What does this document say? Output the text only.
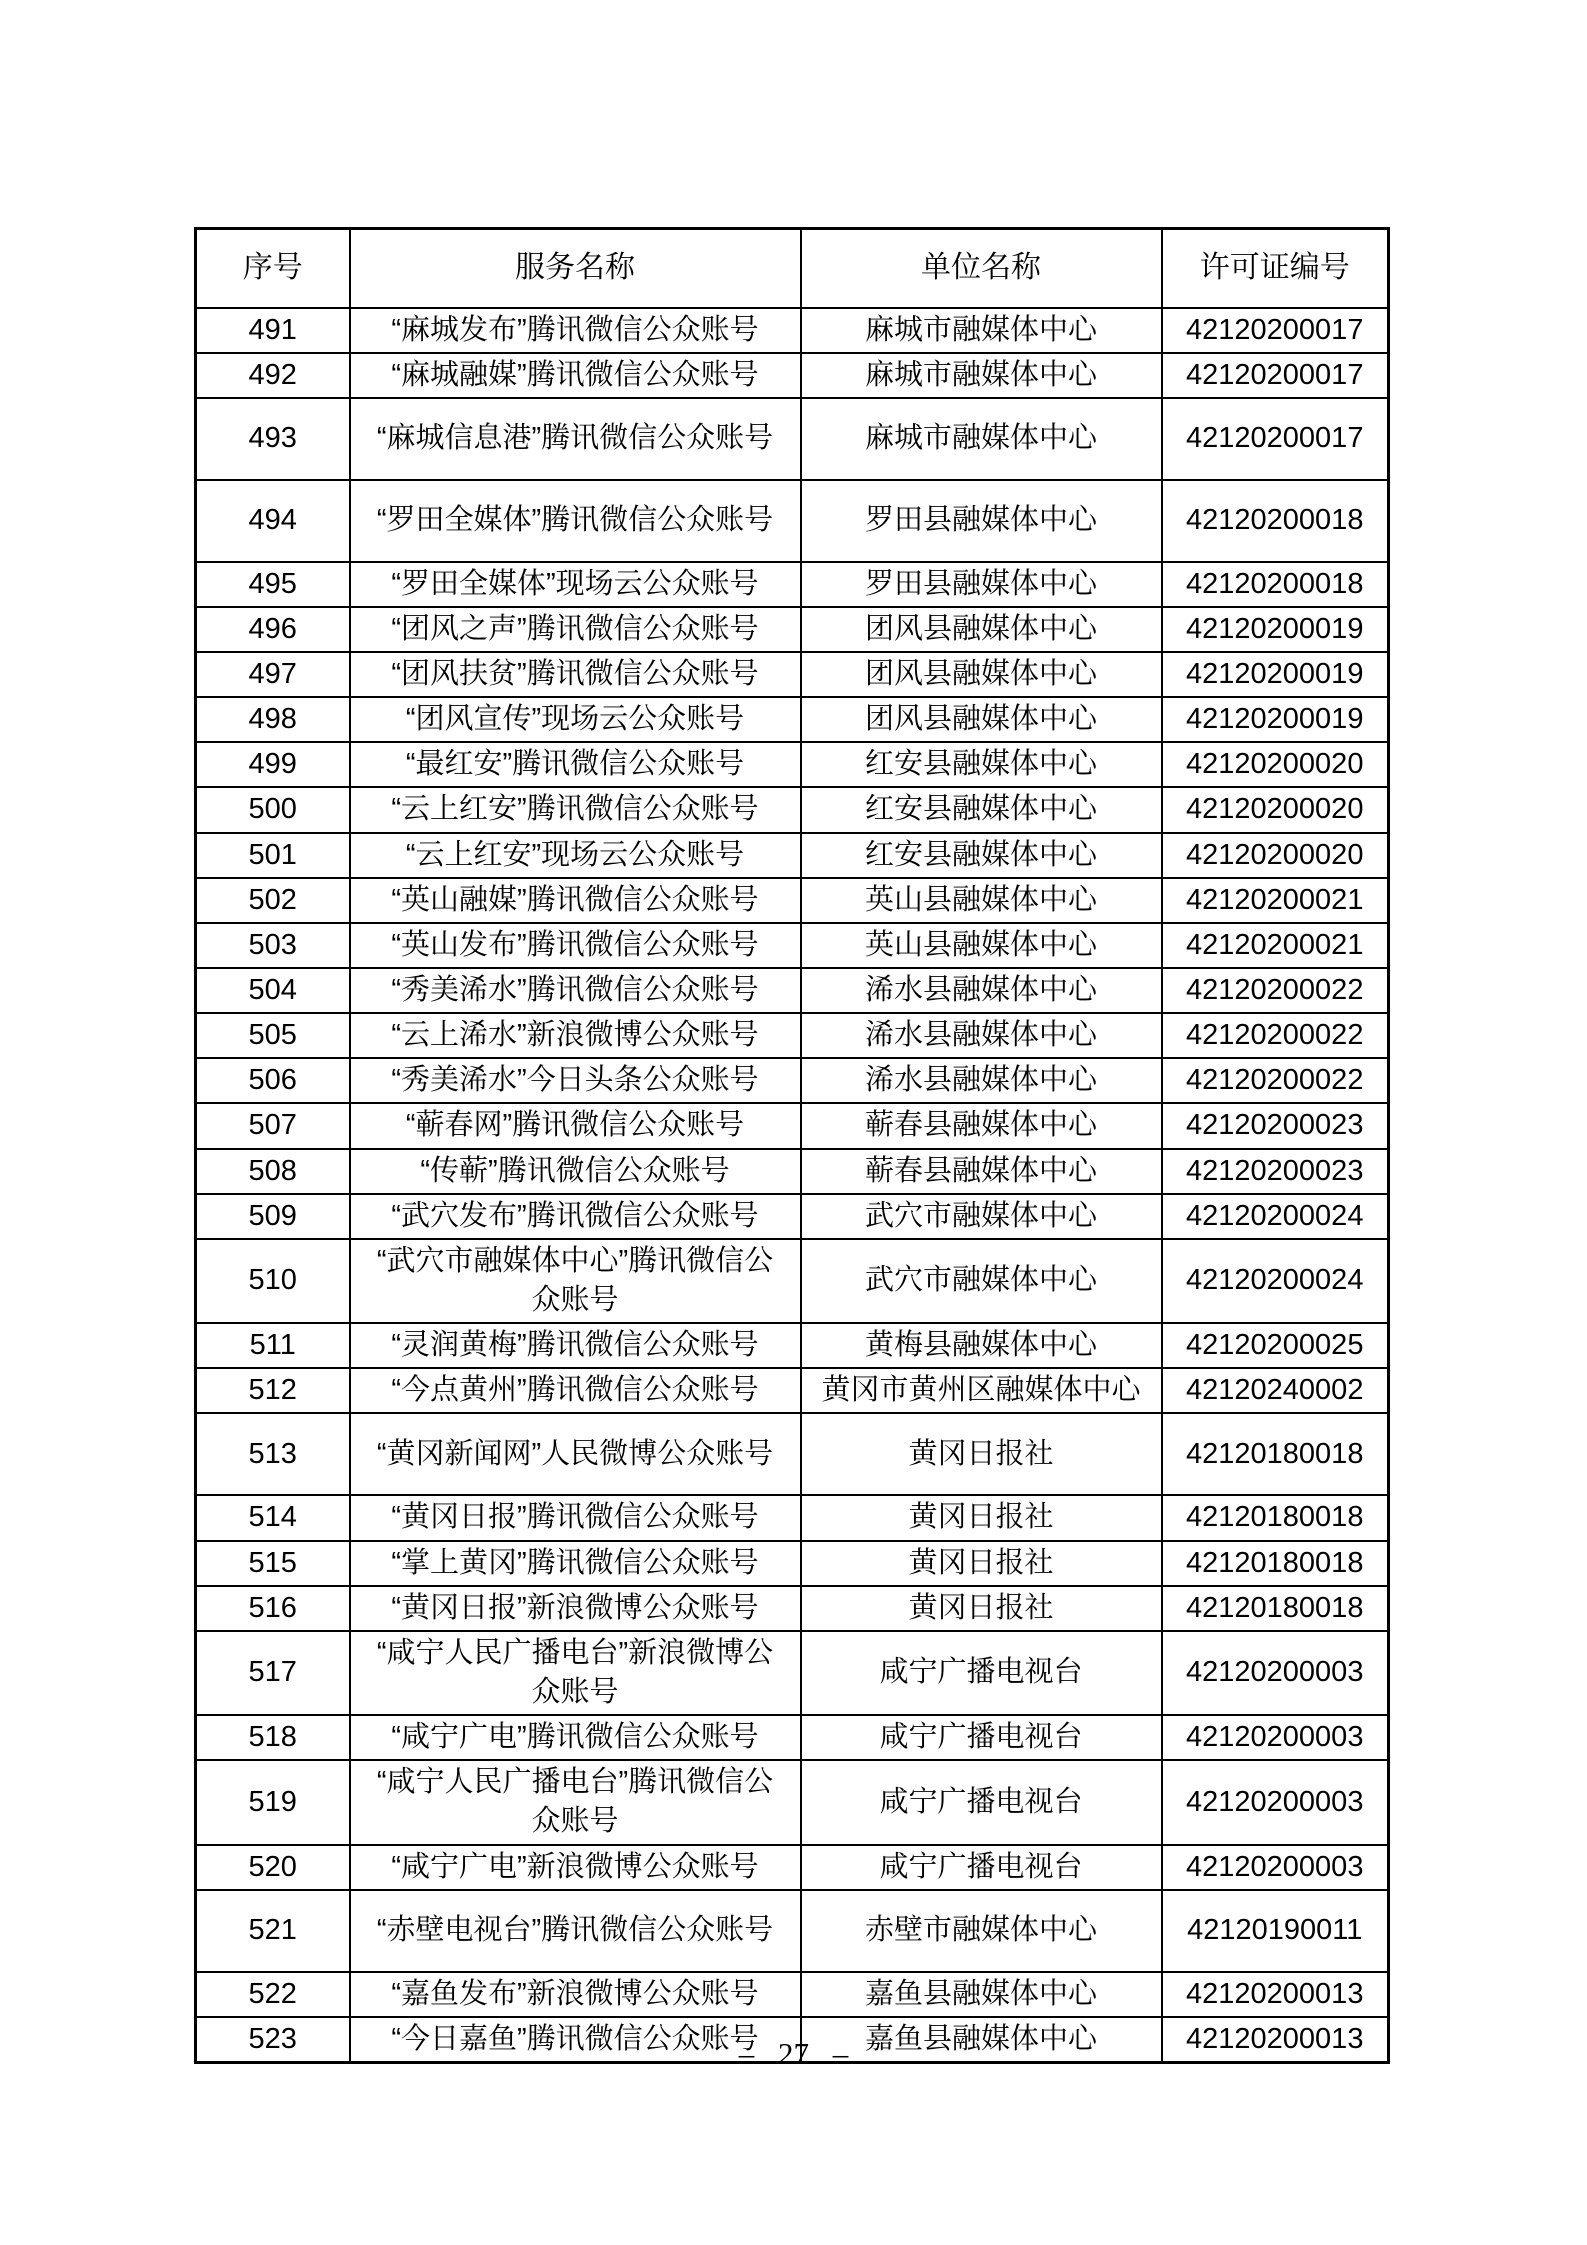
序号	服务名称	单位名称	许可证编号
491	“麻城发布”腾讯微信公众账号	麻城市融媒体中心	42120200017
492	“麻城融媒”腾讯微信公众账号	麻城市融媒体中心	42120200017
493	“麻城信息港”腾讯微信公众账号	麻城市融媒体中心	42120200017
494	“罗田全媒体”腾讯微信公众账号	罗田县融媒体中心	42120200018
495	“罗田全媒体”现场云公众账号	罗田县融媒体中心	42120200018
496	“团风之声”腾讯微信公众账号	团风县融媒体中心	42120200019
497	“团风扶贫”腾讯微信公众账号	团风县融媒体中心	42120200019
498	“团风宣传”现场云公众账号	团风县融媒体中心	42120200019
499	“最红安”腾讯微信公众账号	红安县融媒体中心	42120200020
500	“云上红安”腾讯微信公众账号	红安县融媒体中心	42120200020
501	“云上红安”现场云公众账号	红安县融媒体中心	42120200020
502	“英山融媒”腾讯微信公众账号	英山县融媒体中心	42120200021
503	“英山发布”腾讯微信公众账号	英山县融媒体中心	42120200021
504	“秀美浠水”腾讯微信公众账号	浠水县融媒体中心	42120200022
505	“云上浠水”新浪微博公众账号	浠水县融媒体中心	42120200022
506	“秀美浠水”今日头条公众账号	浠水县融媒体中心	42120200022
507	“蕲春网”腾讯微信公众账号	蕲春县融媒体中心	42120200023
508	“传蕲”腾讯微信公众账号	蕲春县融媒体中心	42120200023
509	“武穴发布”腾讯微信公众账号	武穴市融媒体中心	42120200024
510	“武穴市融媒体中心”腾讯微信公众账号	武穴市融媒体中心	42120200024
511	“灵润黄梅”腾讯微信公众账号	黄梅县融媒体中心	42120200025
512	“今点黄州”腾讯微信公众账号	黄冈市黄州区融媒体中心	42120240002
513	“黄冈新闻网”人民微博公众账号	黄冈日报社	42120180018
514	“黄冈日报”腾讯微信公众账号	黄冈日报社	42120180018
515	“掌上黄冈”腾讯微信公众账号	黄冈日报社	42120180018
516	“黄冈日报”新浪微博公众账号	黄冈日报社	42120180018
517	“咸宁人民广播电台”新浪微博公众账号	咸宁广播电视台	42120200003
518	“咸宁广电”腾讯微信公众账号	咸宁广播电视台	42120200003
519	“咸宁人民广播电台”腾讯微信公众账号	咸宁广播电视台	42120200003
520	“咸宁广电”新浪微博公众账号	咸宁广播电视台	42120200003
521	“赤壁电视台”腾讯微信公众账号	赤壁市融媒体中心	42120190011
522	“嘉鱼发布”新浪微博公众账号	嘉鱼县融媒体中心	42120200013
523	“今日嘉鱼”腾讯微信公众账号	嘉鱼县融媒体中心	42120200013
– 27 –
